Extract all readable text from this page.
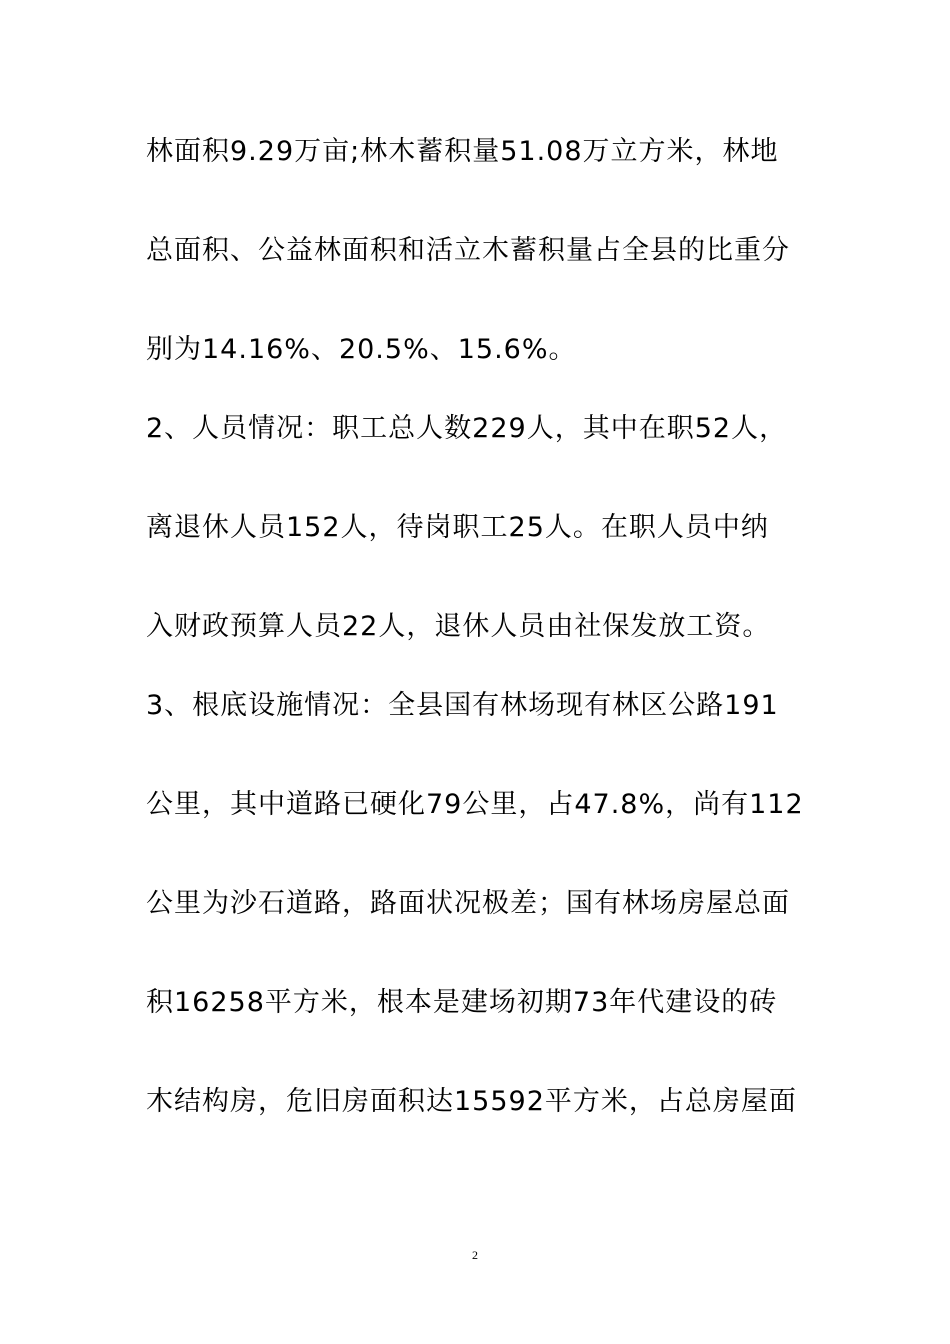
林面积9.29万亩;林木蓄积量51.08万立方米，林地
总面积、公益林面积和活立木蓄积量占全县的比重分
别为14.16%、20.5%、15.6%。
2、人员情况：职工总人数229人，其中在职52人，
离退休人员152人，待岗职工25人。在职人员中纳
入财政预算人员22人，退休人员由社保发放工资。
3、根底设施情况：全县国有林场现有林区公路191
公里，其中道路已硬化79公里，占47.8%，尚有112
公里为沙石道路，路面状况极差；国有林场房屋总面
积16258平方米，根本是建场初期73年代建设的砖
木结构房，危旧房面积达15592平方米，占总房屋面
2
